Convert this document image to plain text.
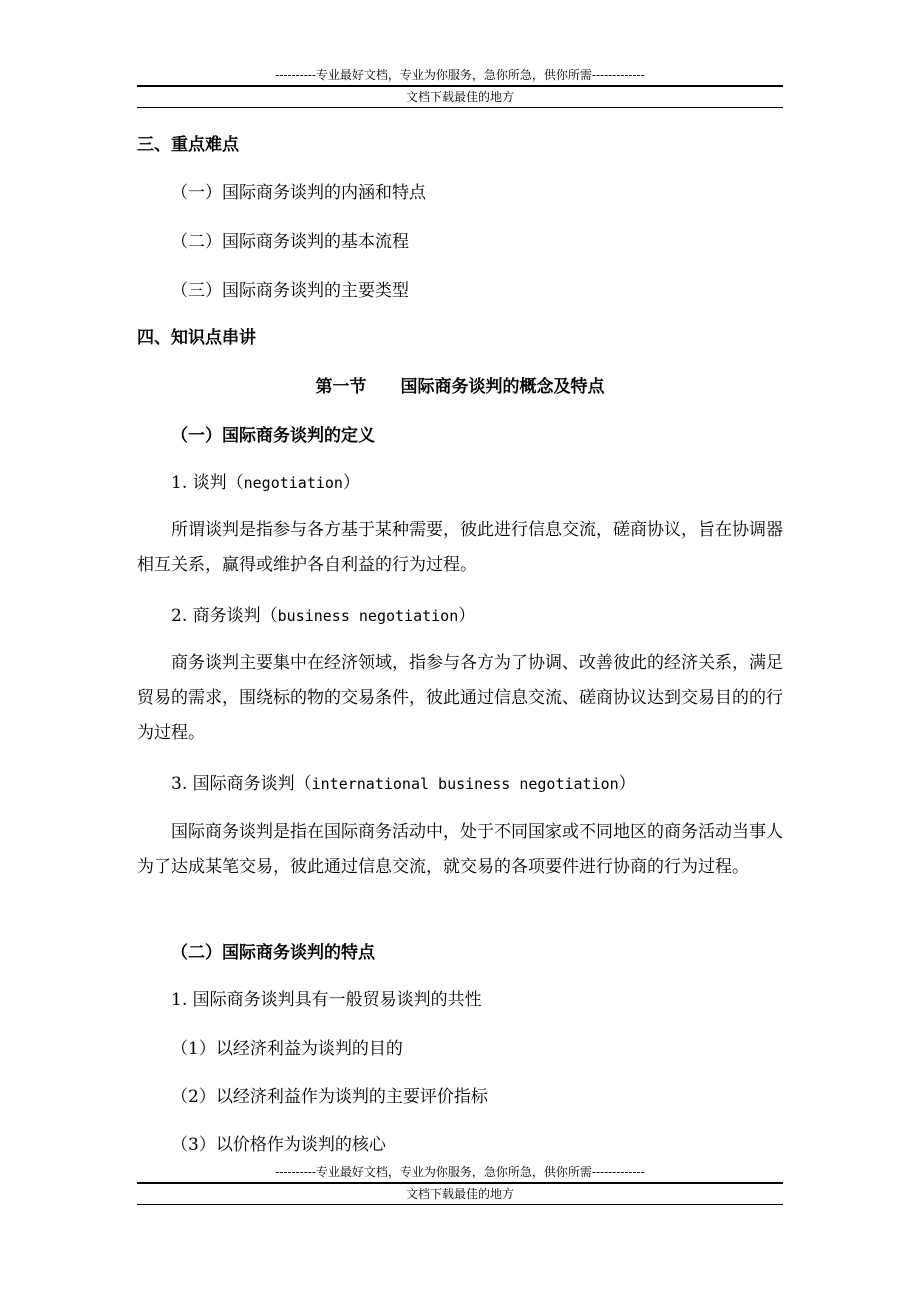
----------专业最好文档，专业为你服务，急你所急，供你所需-------------
文档下载最佳的地方
三、重点难点
（一）国际商务谈判的内涵和特点
（二）国际商务谈判的基本流程
（三）国际商务谈判的主要类型
四、知识点串讲
第一节　　国际商务谈判的概念及特点
（一）国际商务谈判的定义
1. 谈判（negotiation）
所谓谈判是指参与各方基于某种需要，彼此进行信息交流，磋商协议，旨在协调器相互关系，赢得或维护各自利益的行为过程。
2. 商务谈判（business negotiation）
商务谈判主要集中在经济领域，指参与各方为了协调、改善彼此的经济关系，满足贸易的需求，围绕标的物的交易条件，彼此通过信息交流、磋商协议达到交易目的的行为过程。
3. 国际商务谈判（international business negotiation）
国际商务谈判是指在国际商务活动中，处于不同国家或不同地区的商务活动当事人为了达成某笔交易，彼此通过信息交流，就交易的各项要件进行协商的行为过程。
（二）国际商务谈判的特点
1. 国际商务谈判具有一般贸易谈判的共性
（1）以经济利益为谈判的目的
（2）以经济利益作为谈判的主要评价指标
（3）以价格作为谈判的核心
----------专业最好文档，专业为你服务，急你所急，供你所需-------------
文档下载最佳的地方
